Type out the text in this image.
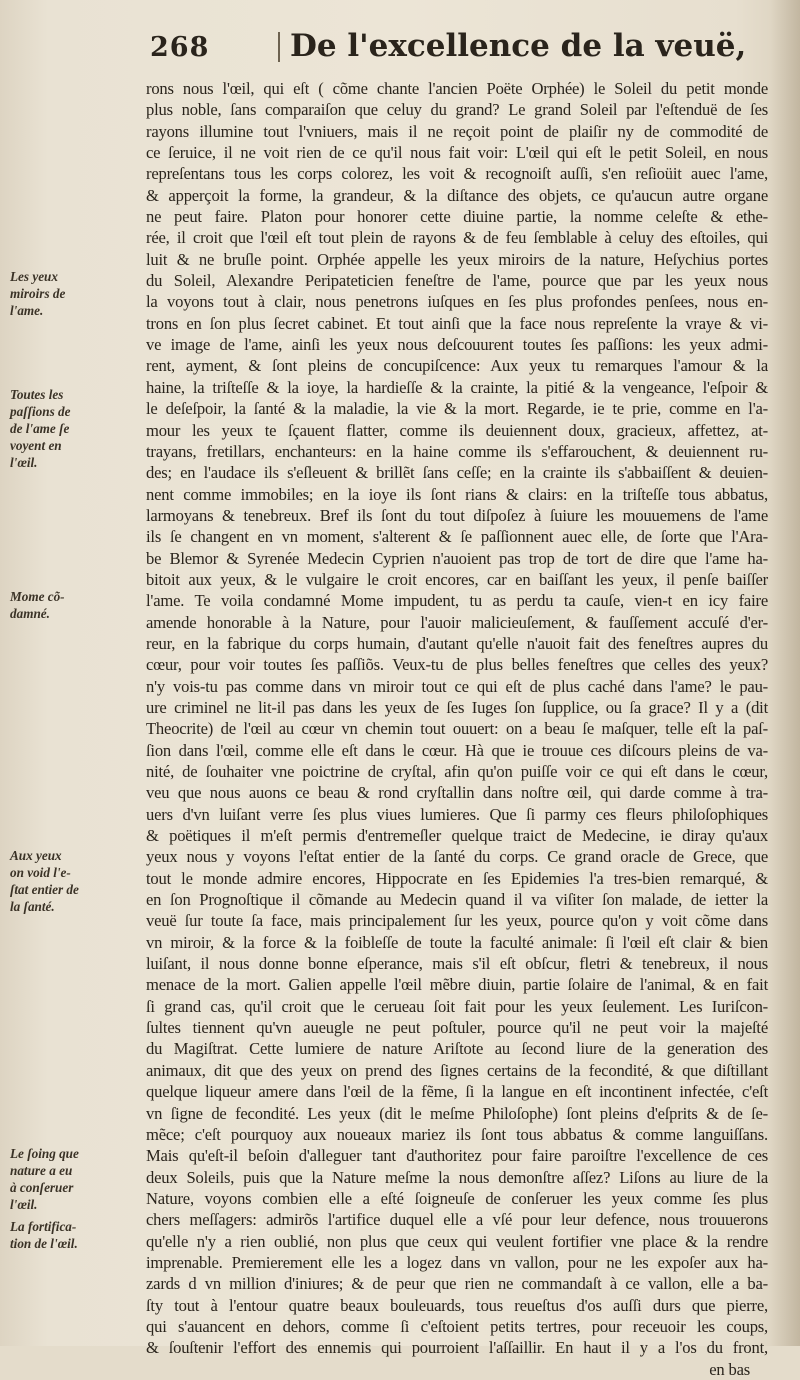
268	De l'excellence de la veuë,
Les yeux
miroirs de
l'ame.
Toutes les
paſſions de
de l'ame ſe
voyent en
l'œil.
Mome cõ-
damné.
Aux yeux
on void l'e-
ſtat entier de
la ſanté.
Le ſoing que
nature a eu
à conſeruer
l'œil.
La fortifica-
tion de l'œil.
rons nous l'œil, qui eſt ( cõme chante l'ancien Poëte Orphée) le Soleil du petit monde
plus noble, ſans comparaiſon que celuy du grand? Le grand Soleil par l'eſtenduë de ſes
rayons illumine tout l'vniuers, mais il ne reçoit point de plaiſir ny de commodité de
ce ſeruice, il ne voit rien de ce qu'il nous fait voir: L'œil qui eſt le petit Soleil, en nous
repreſentans tous les corps colorez, les voit & recognoiſt auſſi, s'en reſioüit auec l'ame,
& apperçoit la forme, la grandeur, & la diſtance des objets, ce qu'aucun autre organe
ne peut faire. Platon pour honorer cette diuine partie, la nomme celeſte & ethe-
rée, il croit que l'œil eſt tout plein de rayons & de feu ſemblable à celuy des eſtoiles, qui
luit & ne bruſle point. Orphée appelle les yeux miroirs de la nature, Heſychius portes
du Soleil, Alexandre Peripateticien feneſtre de l'ame, pource que par les yeux nous
la voyons tout à clair, nous penetrons iuſques en ſes plus profondes penſees, nous en-
trons en ſon plus ſecret cabinet. Et tout ainſi que la face nous repreſente la vraye & vi-
ve image de l'ame, ainſi les yeux nous deſcouurent toutes ſes paſſions: les yeux admi-
rent, ayment, & ſont pleins de concupiſcence: Aux yeux tu remarques l'amour & la
haine, la triſteſſe & la ioye, la hardieſſe & la crainte, la pitié & la vengeance, l'eſpoir &
le deſeſpoir, la ſanté & la maladie, la vie & la mort. Regarde, ie te prie, comme en l'a-
mour les yeux te ſçauent flatter, comme ils deuiennent doux, gracieux, affettez, at-
trayans, fretillars, enchanteurs: en la haine comme ils s'effarouchent, & deuiennent ru-
des; en l'audace ils s'eſleuent & brillẽt ſans ceſſe; en la crainte ils s'abbaiſſent & deuien-
nent comme immobiles; en la ioye ils ſont rians & clairs: en la triſteſſe tous abbatus,
larmoyans & tenebreux. Bref ils ſont du tout diſpoſez à ſuiure les mouuemens de l'ame
ils ſe changent en vn moment, s'alterent & ſe paſſionnent auec elle, de ſorte que l'Ara-
be Blemor & Syrenée Medecin Cyprien n'auoient pas trop de tort de dire que l'ame ha-
bitoit aux yeux, & le vulgaire le croit encores, car en baiſſant les yeux, il penſe baiſſer
l'ame. Te voila condamné Mome impudent, tu as perdu ta cauſe, vien-t en icy faire
amende honorable à la Nature, pour l'auoir malicieuſement, & fauſſement accuſé d'er-
reur, en la fabrique du corps humain, d'autant qu'elle n'auoit fait des feneſtres aupres du
cœur, pour voir toutes ſes paſſiõs. Veux-tu de plus belles feneſtres que celles des yeux?
n'y vois-tu pas comme dans vn miroir tout ce qui eſt de plus caché dans l'ame? le pau-
ure criminel ne lit-il pas dans les yeux de ſes Iuges ſon ſupplice, ou ſa grace? Il y a (dit
Theocrite) de l'œil au cœur vn chemin tout ouuert: on a beau ſe maſquer, telle eſt la paſ-
ſion dans l'œil, comme elle eſt dans le cœur. Hà que ie trouue ces diſcours pleins de va-
nité, de ſouhaiter vne poictrine de cryſtal, afin qu'on puiſſe voir ce qui eſt dans le cœur,
veu que nous auons ce beau & rond cryſtallin dans noſtre œil, qui darde comme à tra-
uers d'vn luiſant verre ſes plus viues lumieres. Que ſi parmy ces fleurs philoſophiques
& poëtiques il m'eſt permis d'entremeſler quelque traict de Medecine, ie diray qu'aux
yeux nous y voyons l'eſtat entier de la ſanté du corps. Ce grand oracle de Grece, que
tout le monde admire encores, Hippocrate en ſes Epidemies l'a tres-bien remarqué, &
en ſon Prognoſtique il cõmande au Medecin quand il va viſiter ſon malade, de ietter la
veuë ſur toute ſa face, mais principalement ſur les yeux, pource qu'on y voit cõme dans
vn miroir, & la force & la foibleſſe de toute la faculté animale: ſi l'œil eſt clair & bien
luiſant, il nous donne bonne eſperance, mais s'il eſt obſcur, fletri & tenebreux, il nous
menace de la mort. Galien appelle l'œil mẽbre diuin, partie ſolaire de l'animal, & en fait
ſi grand cas, qu'il croit que le cerueau ſoit fait pour les yeux ſeulement. Les Iuriſcon-
ſultes tiennent qu'vn aueugle ne peut poſtuler, pource qu'il ne peut voir la majeſté
du Magiſtrat. Cette lumiere de nature Ariſtote au ſecond liure de la generation des
animaux, dit que des yeux on prend des ſignes certains de la fecondité, & que diſtillant
quelque liqueur amere dans l'œil de la fẽme, ſi la langue en eſt incontinent infectée, c'eſt
vn ſigne de fecondité. Les yeux (dit le meſme Philoſophe) ſont pleins d'eſprits & de ſe-
mẽce; c'eſt pourquoy aux noueaux mariez ils ſont tous abbatus & comme languiſſans.
Mais qu'eſt-il beſoin d'alleguer tant d'authoritez pour faire paroiſtre l'excellence de ces
deux Soleils, puis que la Nature meſme la nous demonſtre aſſez? Liſons au liure de la
Nature, voyons combien elle a eſté ſoigneuſe de conſeruer les yeux comme ſes plus
chers meſſagers: admirõs l'artifice duquel elle a vſé pour leur defence, nous trouuerons
qu'elle n'y a rien oublié, non plus que ceux qui veulent fortifier vne place & la rendre
imprenable. Premierement elle les a logez dans vn vallon, pour ne les expoſer aux ha-
zards d vn million d'iniures; & de peur que rien ne commandaſt à ce vallon, elle a ba-
ſty tout à l'entour quatre beaux bouleuards, tous reueſtus d'os auſſi durs que pierre,
qui s'auancent en dehors, comme ſi c'eſtoient petits tertres, pour receuoir les coups,
& ſouſtenir l'effort des ennemis qui pourroient l'aſſaillir. En haut il y a l'os du front,
en bas
